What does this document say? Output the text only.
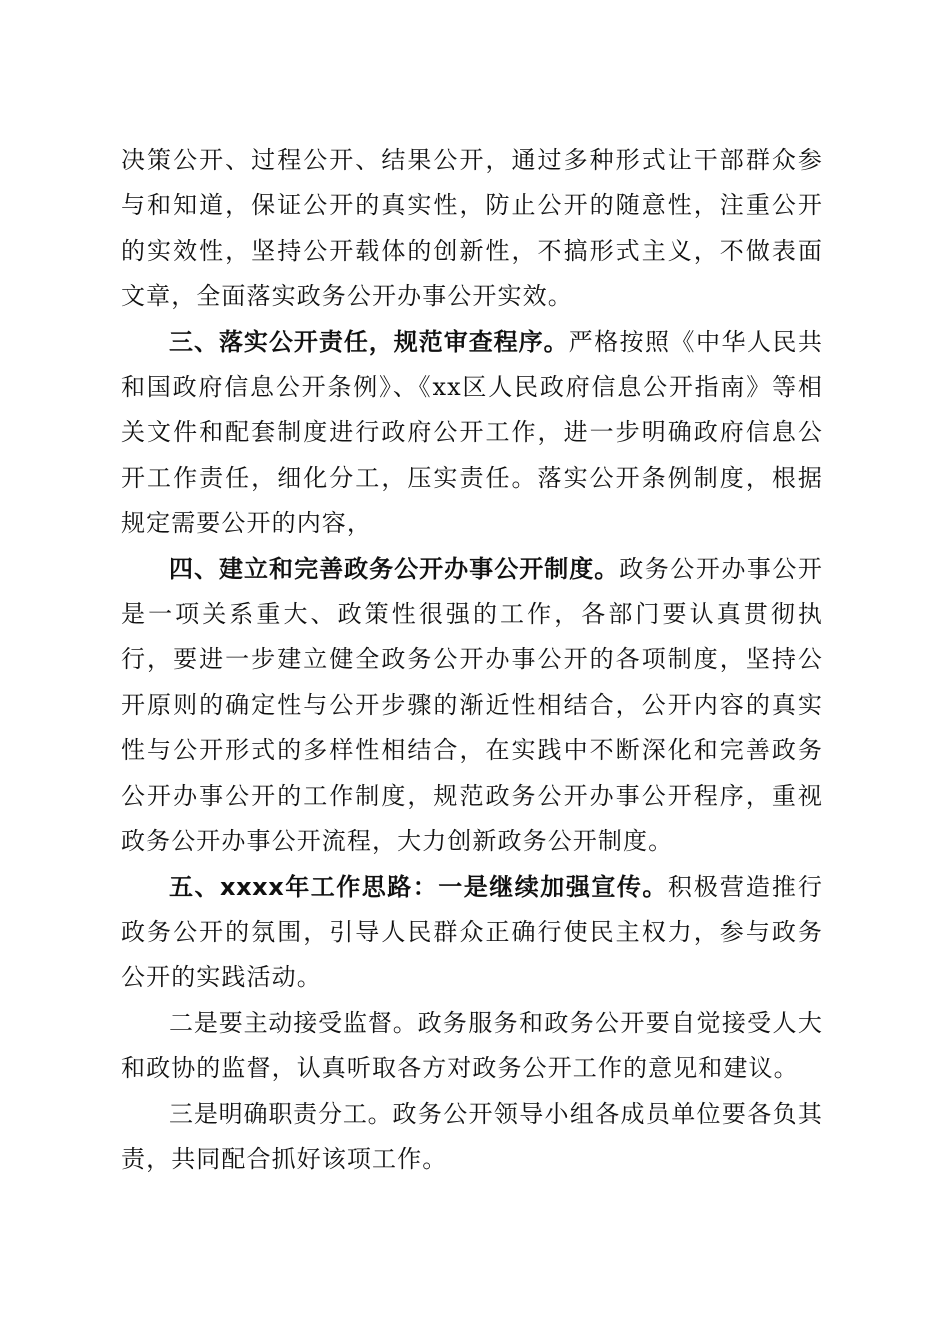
决策公开、过程公开、结果公开，通过多种形式让干部群众参与和知道，保证公开的真实性，防止公开的随意性，注重公开的实效性，坚持公开载体的创新性，不搞形式主义，不做表面文章，全面落实政务公开办事公开实效。

三、落实公开责任，规范审查程序。严格按照《中华人民共和国政府信息公开条例》、《xx区人民政府信息公开指南》等相关文件和配套制度进行政府公开工作，进一步明确政府信息公开工作责任，细化分工，压实责任。落实公开条例制度，根据规定需要公开的内容，

四、建立和完善政务公开办事公开制度。政务公开办事公开是一项关系重大、政策性很强的工作，各部门要认真贯彻执行，要进一步建立健全政务公开办事公开的各项制度，坚持公开原则的确定性与公开步骤的渐近性相结合，公开内容的真实性与公开形式的多样性相结合，在实践中不断深化和完善政务公开办事公开的工作制度，规范政务公开办事公开程序，重视政务公开办事公开流程，大力创新政务公开制度。

五、xxxx年工作思路：一是继续加强宣传。积极营造推行政务公开的氛围，引导人民群众正确行使民主权力，参与政务公开的实践活动。

二是要主动接受监督。政务服务和政务公开要自觉接受人大和政协的监督，认真听取各方对政务公开工作的意见和建议。

三是明确职责分工。政务公开领导小组各成员单位要各负其责，共同配合抓好该项工作。
